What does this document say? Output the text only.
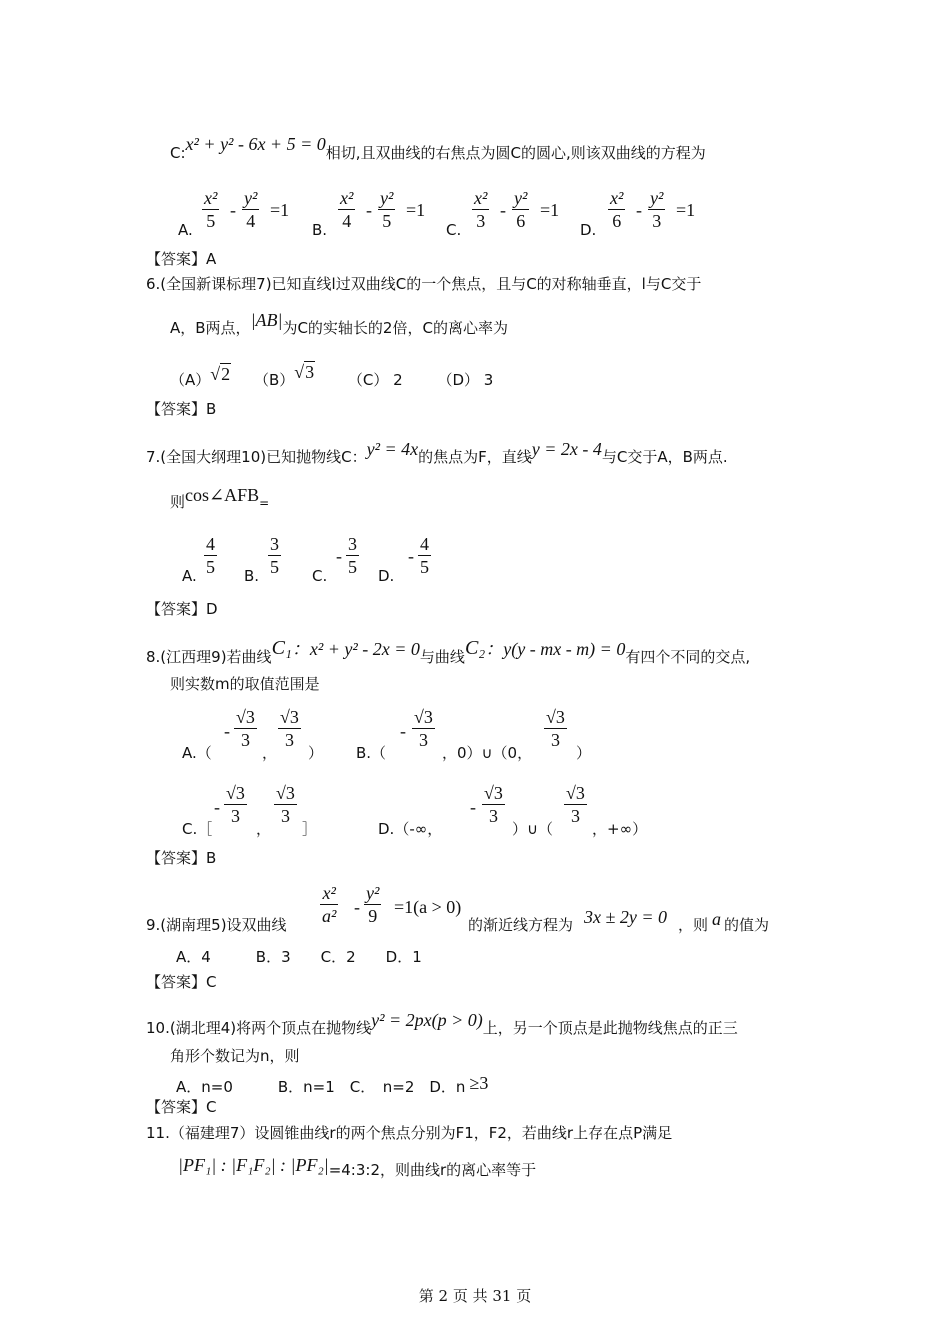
C:x² + y² - 6x + 5 = 0相切,且双曲线的右焦点为圆C的圆心,则该双曲线的方程为
A. $\frac{\text{x²}}{5} - \frac{\text{y²}}{4} =1$
B. $\frac{\text{x²}}{4} - \frac{\text{y²}}{5} =1$
C. $\frac{\text{x²}}{3} - \frac{\text{y²}}{6} =1$
D. $\frac{\text{x²}}{6} - \frac{\text{y²}}{3} =1$
【答案】A
6.(全国新课标理7)已知直线l过双曲线C的一个焦点，且与C的对称轴垂直，l与C交于
A，B两点，|AB|为C的实轴长的2倍，C的离心率为
（A）√2 （B）√3 （C） 2 （D） 3
【答案】B
7.(全国大纲理10)已知抛物线C：y² = 4x的焦点为F，直线y = 2x - 4与C交于A，B两点.
则cos∠AFB=
A. $\frac{4}{5} B$. $\frac{3}{5} C$.
- $\frac{3}{5} D$.
- $\frac{4}{5}$
【答案】D
8.(江西理9)若曲线C₁：x² + y² - 2x = 0与曲线C₂：y(y - mx - m) = 0有四个不同的交点,
则实数m的取值范围是
A.（
- $\frac{√3}{3}$
，
$\frac{√3}{3}$
） B.（
- $\frac{√3}{3}$
，0）∪（0，
$\frac{√3}{3}$
）
C.［
- $\frac{√3}{3}$
，
$\frac{√3}{3}$
］	D.（-∞，
- $\frac{√3}{3}$
）∪（
$\frac{√3}{3}$
，+∞）
【答案】B
9.(湖南理5)设双曲线 $\frac{\text{x²}}{\text{a²}} - \frac{\text{y²}}{9} =1(a > 0)$
的渐近线方程为 3x ± 2y = 0 ，则 a 的值为
A．4　　　B．3　　C．2　　D．1
【答案】C
10.(湖北理4)将两个顶点在抛物线y² = 2px(p > 0)上，另一个顶点是此抛物线焦点的正三
角形个数记为n，则
A．n=0　　　B．n=1　C．　n=2　D．n ≥3
【答案】C
11.（福建理7）设圆锥曲线r的两个焦点分别为F1，F2，若曲线r上存在点P满足
|PF₁| : |F₁F₂| : |PF₂|=4:3:2，则曲线r的离心率等于
第 2 页 共 31 页
